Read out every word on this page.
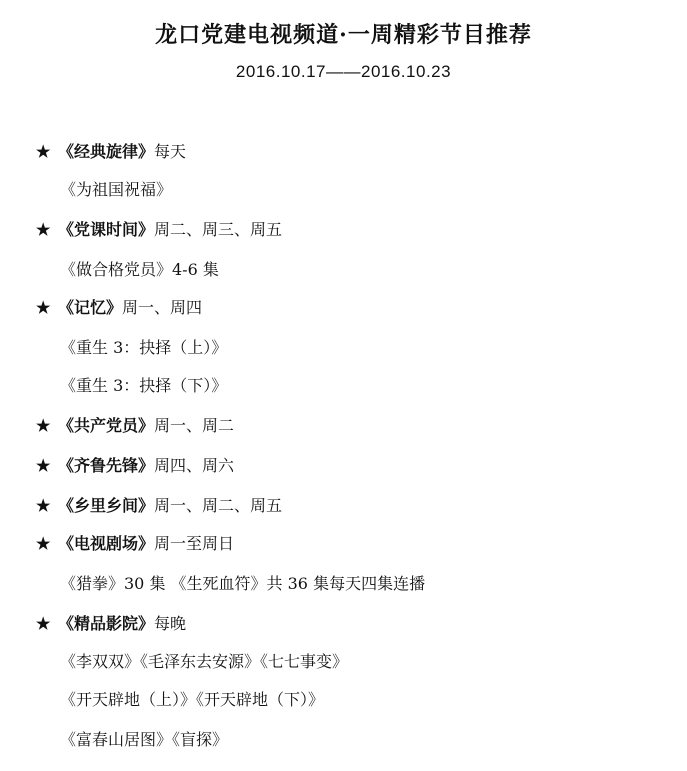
龙口党建电视频道·一周精彩节目推荐
2016.10.17——2016.10.23
★ 《经典旋律》每天
《为祖国祝福》
★ 《党课时间》周二、周三、周五
《做合格党员》4-6 集
★ 《记忆》周一、周四
《重生 3：抉择（上）》
《重生 3：抉择（下）》
★ 《共产党员》周一、周二
★ 《齐鲁先锋》周四、周六
★ 《乡里乡间》周一、周二、周五
★ 《电视剧场》周一至周日
《猎拳》30 集 《生死血符》共 36 集每天四集连播
★ 《精品影院》每晚
《李双双》《毛泽东去安源》《七七事变》
《开天辟地（上）》《开天辟地（下）》
《富春山居图》《盲探》
